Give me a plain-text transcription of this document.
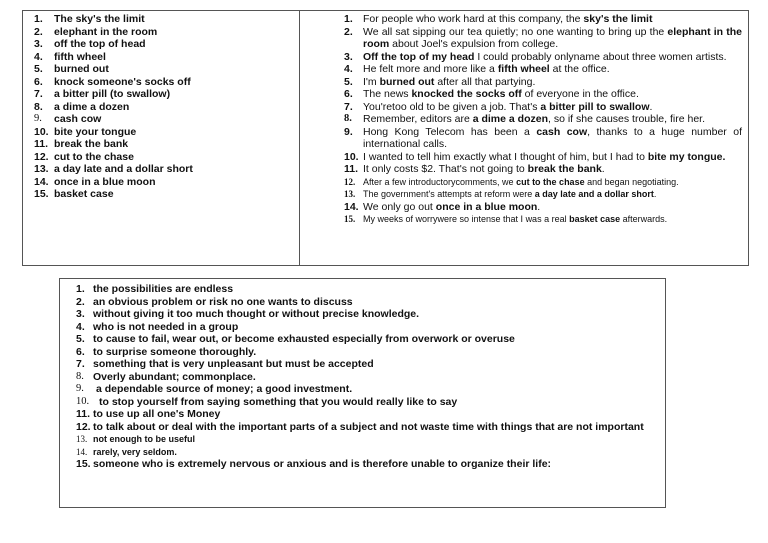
1. The sky's the limit
2. elephant in the room
3. off the top of head
4. fifth wheel
5. burned out
6. knock someone's socks off
7. a bitter pill (to swallow)
8. a dime a dozen
9. cash cow
10. bite your tongue
11. break the bank
12. cut to the chase
13. a day late and a dollar short
14. once in a blue moon
15. basket case
1. For people who work hard at this company, the sky's the limit
2. We all sat sipping our tea quietly; no one wanting to bring up the elephant in the room about Joel's expulsion from college.
3. Off the top of my head I could probably onlyname about three women artists.
4. He felt more and more like a fifth wheel at the office.
5. I'm burned out after all that partying.
6. The news knocked the socks off of everyone in the office.
7. You'retoo old to be given a job. That's a bitter pill to swallow.
8. Remember, editors are a dime a dozen, so if she causes trouble, fire her.
9. Hong Kong Telecom has been a cash cow, thanks to a huge number of international calls.
10. I wanted to tell him exactly what I thought of him, but I had to bite my tongue.
11. It only costs $2. That's not going to break the bank.
12. After a few introductorycomments, we cut to the chase and began negotiating.
13. The government's attempts at reform were a day late and a dollar short.
14. We only go out once in a blue moon.
15. My weeks of worrywere so intense that I was a real basket case afterwards.
1. the possibilities are endless
2. an obvious problem or risk no one wants to discuss
3. without giving it too much thought or without precise knowledge.
4. who is not needed in a group
5. to cause to fail, wear out, or become exhausted especially from overwork or overuse
6. to surprise someone thoroughly.
7. something that is very unpleasant but must be accepted
8. Overly abundant; commonplace.
9. a dependable source of money; a good investment.
10. to stop yourself from saying something that you would really like to say
11. to use up all one's Money
12. to talk about or deal with the important parts of a subject and not waste time with things that are not important
13. not enough to be useful
14. rarely, very seldom.
15. someone who is extremely nervous or anxious and is therefore unable to organize their life:
